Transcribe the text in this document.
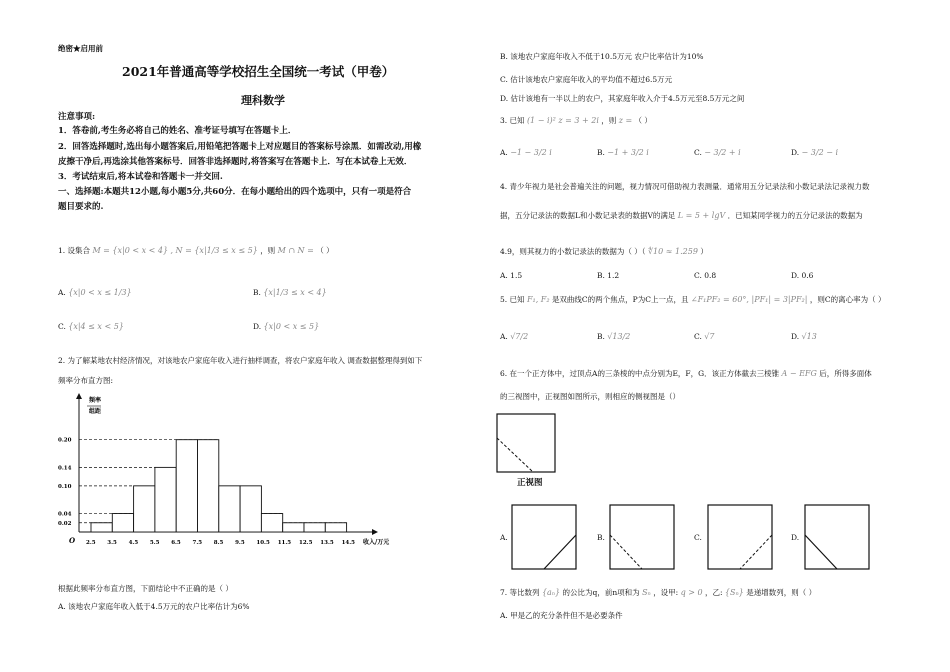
绝密★启用前
2021年普通高等学校招生全国统一考试（甲卷）
理科数学
注意事项:
1．答卷前,考生务必将自己的姓名、准考证号填写在答题卡上．
2．回答选择题时,选出每小题答案后,用铅笔把答题卡上对应题目的答案标号涂黑．如需改动,用橡
皮擦干净后,再选涂其他答案标号．回答非选择题时,将答案写在答题卡上．写在本试卷上无效．
3．考试结束后,将本试卷和答题卡一并交回.
一、选择题:本题共12小题,每小题5分,共60分．在每小题给出的四个选项中，只有一项是符合
题目要求的.
1. 设集合 M = {x|0 < x < 4} , N = {x|1/3 ≤ x ≤ 5} ，则 M ∩ N = （ ）
A. {x|0 < x ≤ 1/3}	B. {x|1/3 ≤ x < 4}
C. {x|4 ≤ x < 5}	D. {x|0 < x ≤ 5}
2. 为了解某地农村经济情况，对该地农户家庭年收入进行抽样调查，将农户家庭年收入 调查数据整理得到如下
频率分布直方图:
频率
组距
收入/万元
O
0.02
0.04
0.10
0.14
0.20
2.5 3.5 4.5 5.5 6.5 7.5 8.5 9.5 10.5 11.5 12.5 13.5 14.5
根据此频率分布直方图，下面结论中不正确的是（ ）
A. 该地农户家庭年收入低于4.5万元的农户比率估计为6%
B. 该地农户家庭年收入不低于10.5万元 农户比率估计为10%
C. 估计该地农户家庭年收入的平均值不超过6.5万元
D. 估计该地有一半以上的农户，其家庭年收入介于4.5万元至8.5万元之间
3. 已知 (1 − i)² z = 3 + 2i ，则 z = （ ）
A. −1 − 3/2 i	B. −1 + 3/2 i	C. − 3/2 + i	D. − 3/2 − i
4. 青少年视力是社会普遍关注的问题，视力情况可借助视力表测量．通常用五分记录法和小数记录法记录视力数
据，五分记录法的数据L和小数记录表的数据V的满足 L = 5 + lgV ．已知某同学视力的五分记录法的数据为
4.9，则其视力的小数记录法的数据为（ ）（ ∜10 ≈ 1.259 ）
A. 1.5	B. 1.2	C. 0.8	D. 0.6
5. 已知 F₁, F₂ 是双曲线C的两个焦点，P为C上一点，且 ∠F₁PF₂ = 60°, |PF₁| = 3|PF₂| ，则C的离心率为（ ）
A. √7/2	B. √13/2	C. √7	D. √13
6. 在一个正方体中，过顶点A的三条棱的中点分别为E，F，G．该正方体截去三棱锥 A − EFG 后，所得多面体
的三视图中，正视图如图所示，则相应的侧视图是（）
正视图
A.	B.	C.	D.
7. 等比数列 {aₙ} 的公比为q，前n项和为 Sₙ ，设甲: q > 0 ，乙: {Sₙ} 是递增数列，则（ ）
A. 甲是乙的充分条件但不是必要条件
